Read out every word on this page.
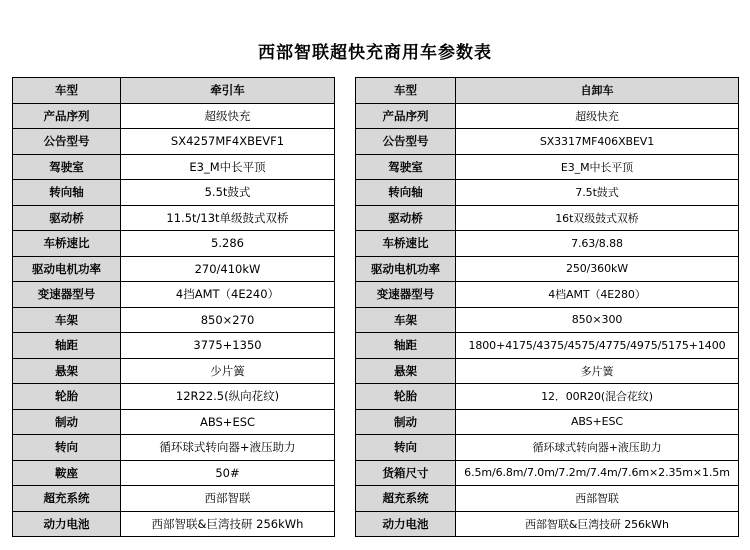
西部智联超快充商用车参数表
车型	牵引车
产品序列	超级快充
公告型号	SX4257MF4XBEVF1
驾驶室	E3_M中长平顶
转向轴	5.5t鼓式
驱动桥	11.5t/13t单级鼓式双桥
车桥速比	5.286
驱动电机功率	270/410kW
变速器型号	4挡AMT（4E240）
车架	850×270
轴距	3775+1350
悬架	少片簧
轮胎	12R22.5(纵向花纹)
制动	ABS+ESC
转向	循环球式转向器+液压助力
鞍座	50#
超充系统	西部智联
动力电池	西部智联&巨湾技研 256kWh
车型	自卸车
产品序列	超级快充
公告型号	SX3317MF406XBEV1
驾驶室	E3_M中长平顶
转向轴	7.5t鼓式
驱动桥	16t双级鼓式双桥
车桥速比	7.63/8.88
驱动电机功率	250/360kW
变速器型号	4档AMT（4E280）
车架	850×300
轴距	1800+4175/4375/4575/4775/4975/5175+1400
悬架	多片簧
轮胎	12．00R20(混合花纹)
制动	ABS+ESC
转向	循环球式转向器+液压助力
货箱尺寸	6.5m/6.8m/7.0m/7.2m/7.4m/7.6m×2.35m×1.5m
超充系统	西部智联
动力电池	西部智联&巨湾技研 256kWh
